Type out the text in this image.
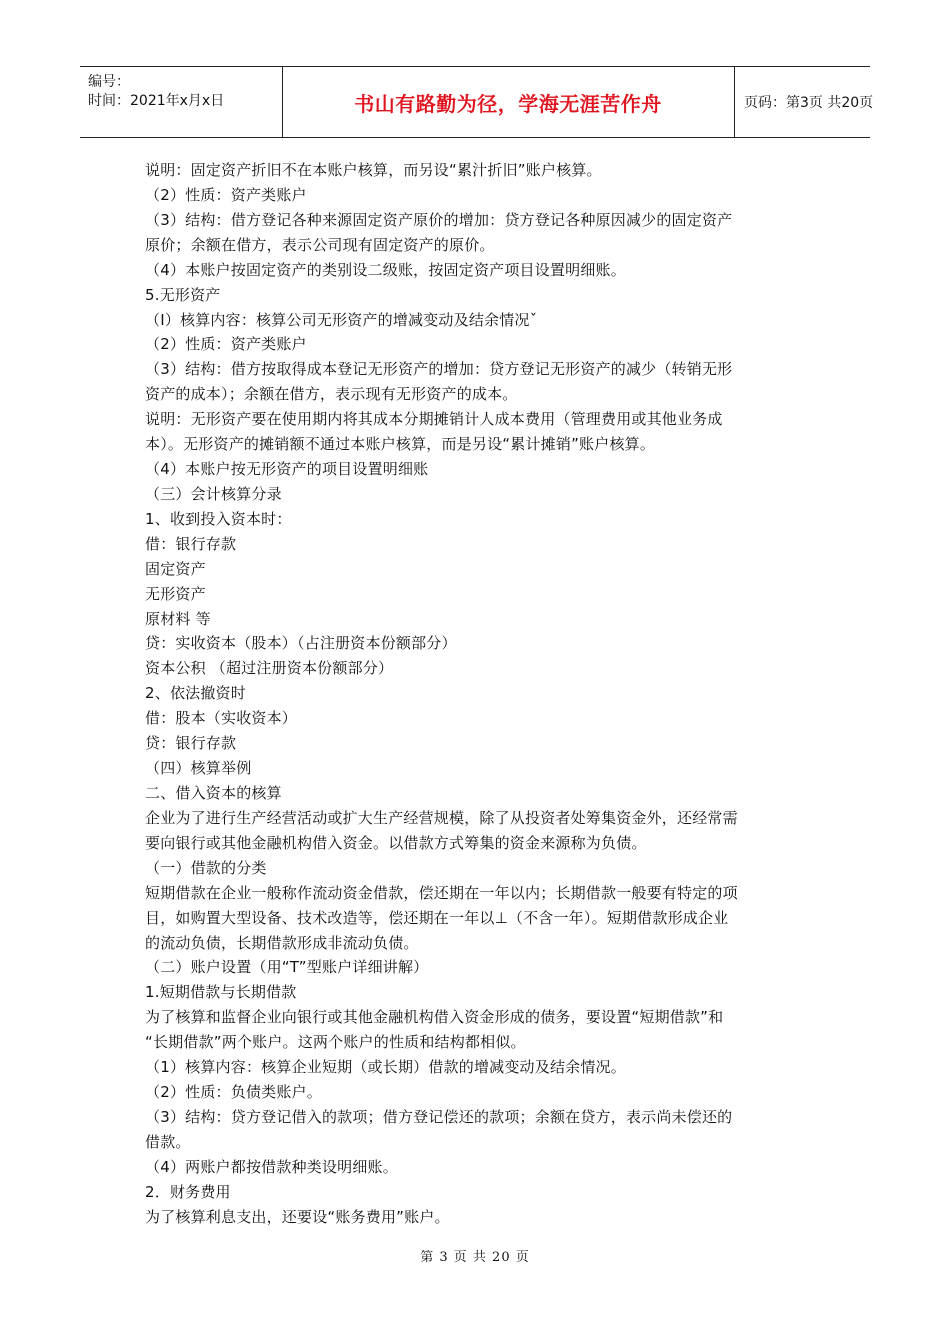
编号：
时间：2021年x月x日	书山有路勤为径，学海无涯苦作舟	页码：第3页 共20页
说明：固定资产折旧不在本账户核算，而另设“累汁折旧”账户核算。
（2）性质：资产类账户
（3）结构：借方登记各种来源固定资产原价的增加：贷方登记各种原因减少的固定资产
原价；余额在借方，表示公司现有固定资产的原价。
（4）本账户按固定资产的类别设二级账，按固定资产项目设置明细账。
5.无形资产
（I）核算内容：核算公司无形资产的增减变动及结余情况ˇ
（2）性质：资产类账户
（3）结构：借方按取得成本登记无形资产的增加：贷方登记无形资产的减少（转销无形
资产的成本）；余额在借方，表示现有无形资产的成本。
说明：无形资产要在使用期内将其成本分期摊销计人成本费用（管理费用或其他业务成
本）。无形资产的摊销额不通过本账户核算，而是另设“累计摊销”账户核算。
（4）本账户按无形资产的项目设置明细账
（三）会计核算分录
1、收到投入资本时：
借：银行存款
固定资产
无形资产
原材料 等
贷：实收资本（股本）（占注册资本份额部分）
资本公积 （超过注册资本份额部分）
2、依法撤资时
借：股本（实收资本）
贷：银行存款
（四）核算举例
二、借入资本的核算
企业为了进行生产经营活动或扩大生产经营规模，除了从投资者处筹集资金外，还经常需
要向银行或其他金融机构借入资金。以借款方式筹集的资金来源称为负债。
（一）借款的分类
短期借款在企业一般称作流动资金借款，偿还期在一年以内；长期借款一般要有特定的项
目，如购置大型设备、技术改造等，偿还期在一年以⊥（不含一年）。短期借款形成企业
的流动负债，长期借款形成非流动负债。
（二）账户设置（用“T”型账户详细讲解）
1.短期借款与长期借款
为了核算和监督企业向银行或其他金融机构借入资金形成的债务，要设置“短期借款”和
“长期借款”两个账户。这两个账户的性质和结构都相似。
（1）核算内容：核算企业短期（或长期）借款的增减变动及结余情况。
（2）性质：负债类账户。
（3）结构：贷方登记借入的款项；借方登记偿还的款项；余额在贷方，表示尚未偿还的
借款。
（4）两账户都按借款种类设明细账。
2．财务费用
为了核算利息支出，还要设“账务费用”账户。
第 3 页 共 20 页
